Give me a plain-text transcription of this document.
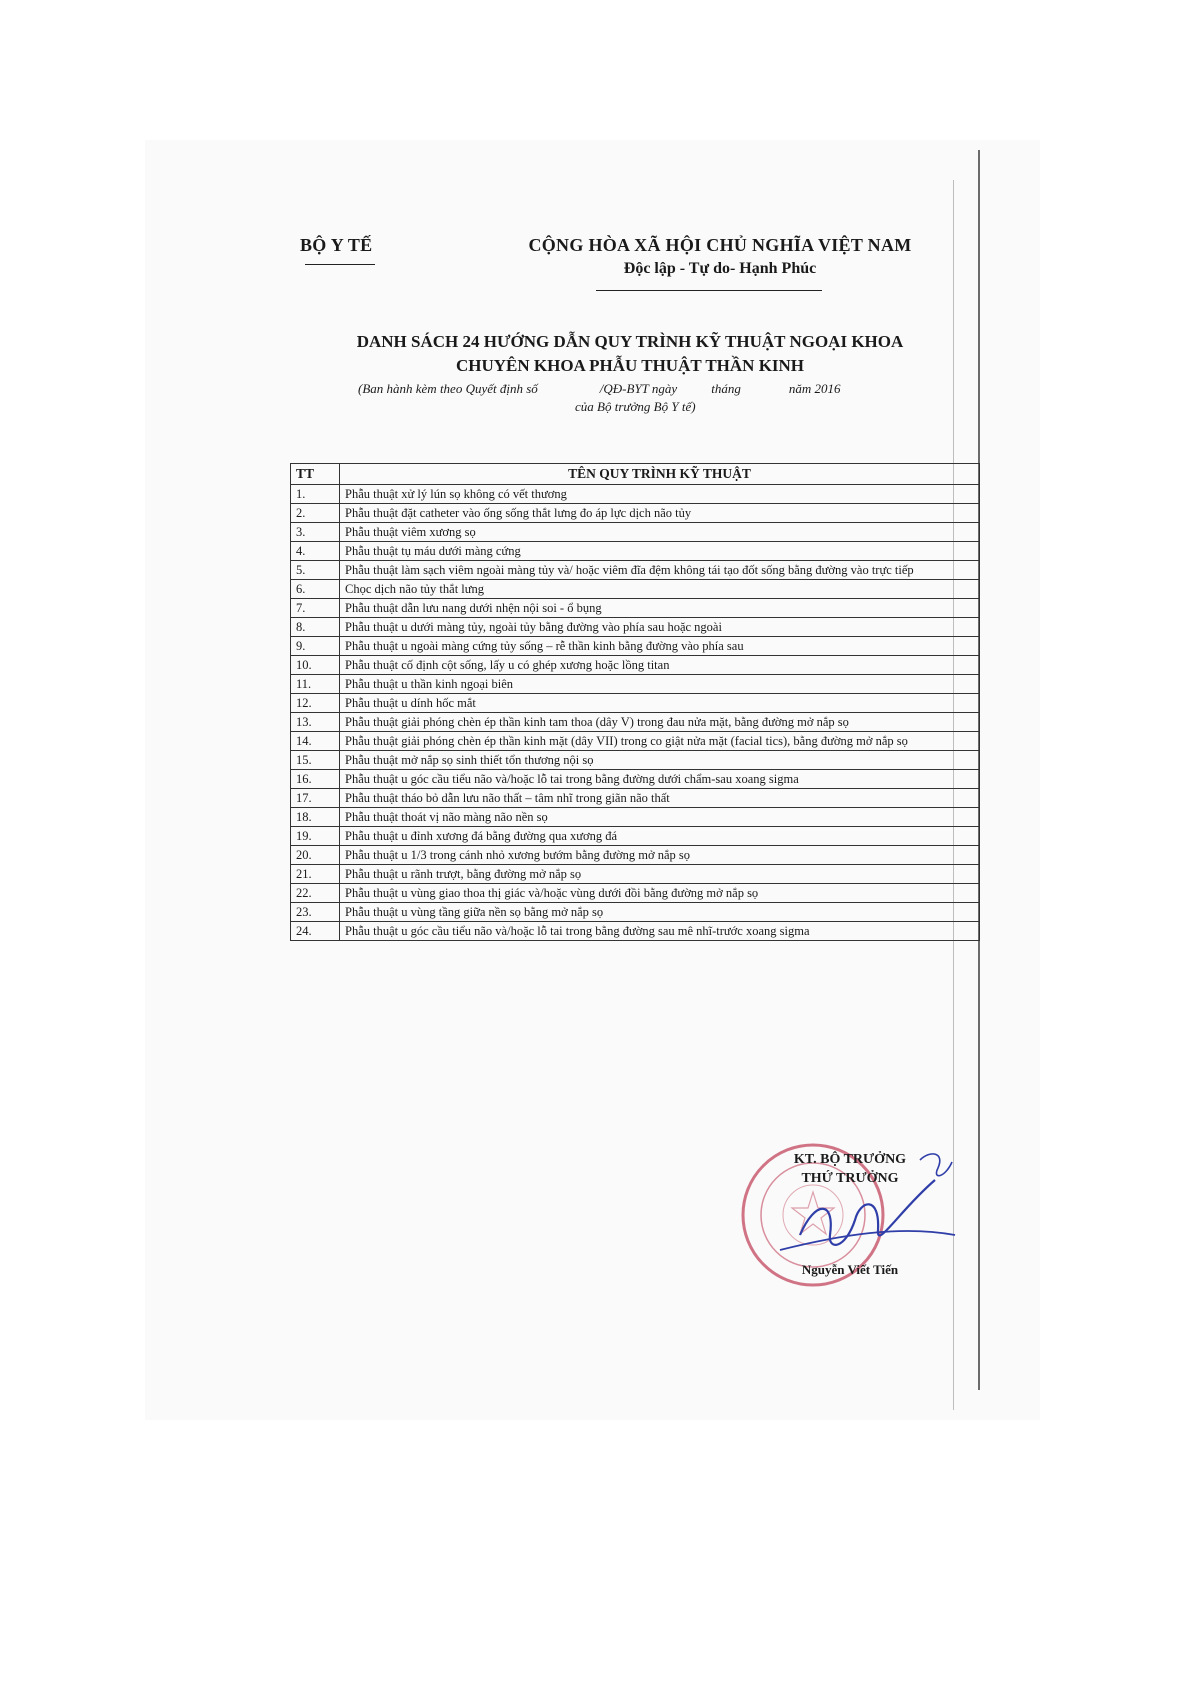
BỘ Y TẾ	CỘNG HÒA XÃ HỘI CHỦ NGHĨA VIỆT NAM
Độc lập - Tự do- Hạnh Phúc
DANH SÁCH 24 HƯỚNG DẪN QUY TRÌNH KỸ THUẬT NGOẠI KHOA
CHUYÊN KHOA PHẪU THUẬT THẦN KINH
(Ban hành kèm theo Quyết định số	/QĐ-BYT ngày	tháng	năm 2016
của Bộ trưởng Bộ Y tế)
TT	TÊN QUY TRÌNH KỸ THUẬT
1.	Phẫu thuật xử lý lún sọ không có vết thương
2.	Phẫu thuật đặt catheter vào ống sống thắt lưng đo áp lực dịch não tủy
3.	Phẫu thuật viêm xương sọ
4.	Phẫu thuật tụ máu dưới màng cứng
5.	Phẫu thuật làm sạch viêm ngoài màng tủy và/ hoặc viêm đĩa đệm không tái tạo đốt sống bằng đường vào trực tiếp
6.	Chọc dịch não tủy thắt lưng
7.	Phẫu thuật dẫn lưu nang dưới nhện nội soi - ổ bụng
8.	Phẫu thuật u dưới màng tủy, ngoài tủy bằng đường vào phía sau hoặc ngoài
9.	Phẫu thuật u ngoài màng cứng tủy sống – rễ thần kinh bằng đường vào phía sau
10.	Phẫu thuật cố định cột sống, lấy u có ghép xương hoặc lồng titan
11.	Phẫu thuật u thần kinh ngoại biên
12.	Phẫu thuật u dính hốc mắt
13.	Phẫu thuật giải phóng chèn ép thần kinh tam thoa (dây V) trong đau nửa mặt, bằng đường mở nắp sọ
14.	Phẫu thuật giải phóng chèn ép thần kinh mặt (dây VII) trong co giật nửa mặt (facial tics), bằng đường mở nắp sọ
15.	Phẫu thuật mở nắp sọ sinh thiết tổn thương nội sọ
16.	Phẫu thuật u góc cầu tiểu não và/hoặc lỗ tai trong bằng đường dưới chẩm-sau xoang sigma
17.	Phẫu thuật tháo bỏ dẫn lưu não thất – tâm nhĩ trong giãn não thất
18.	Phẫu thuật thoát vị não màng não nền sọ
19.	Phẫu thuật u đỉnh xương đá bằng đường qua xương đá
20.	Phẫu thuật u 1/3 trong cánh nhỏ xương bướm bằng đường mở nắp sọ
21.	Phẫu thuật u rãnh trượt, bằng đường mở nắp sọ
22.	Phẫu thuật u vùng giao thoa thị giác và/hoặc vùng dưới đồi bằng đường mở nắp sọ
23.	Phẫu thuật u vùng tầng giữa nền sọ bằng mở nắp sọ
24.	Phẫu thuật u góc cầu tiểu não và/hoặc lỗ tai trong bằng đường sau mê nhĩ-trước xoang sigma
KT. BỘ TRƯỞNG
THỨ TRƯỞNG
Nguyễn Viết Tiến
